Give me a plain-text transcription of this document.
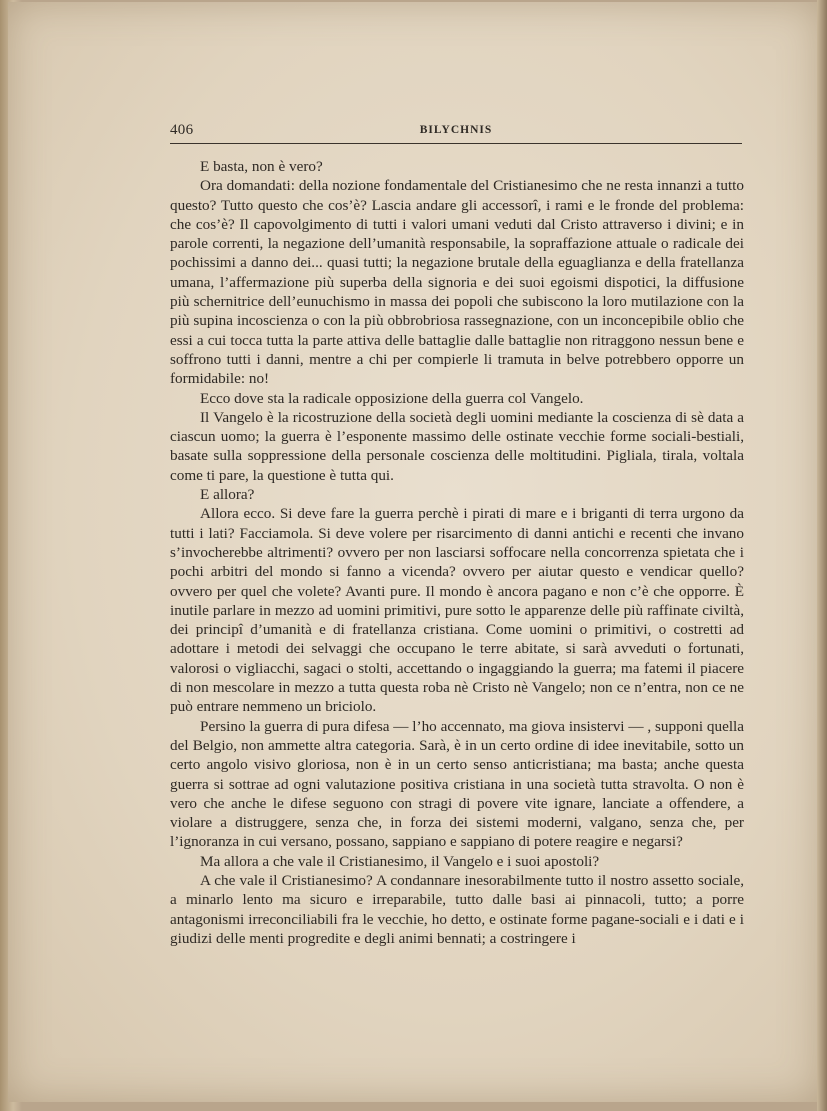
406	BILYCHNIS

E basta, non è vero?

Ora domandati: della nozione fondamentale del Cristianesimo che ne resta innanzi a tutto questo? Tutto questo che cos’è? Lascia andare gli accessorî, i rami e le fronde del problema: che cos’è? Il capovolgimento di tutti i valori umani veduti dal Cristo attraverso i divini; e in parole correnti, la negazione dell’umanità responsabile, la sopraffazione attuale o radicale dei pochissimi a danno dei... quasi tutti; la negazione brutale della eguaglianza e della fratellanza umana, l’affermazione più superba della signoria e dei suoi egoismi dispotici, la diffusione più schernitrice dell’eunuchismo in massa dei popoli che subiscono la loro mutilazione con la più supina incoscienza o con la più obbrobriosa rassegnazione, con un inconcepibile oblio che essi a cui tocca tutta la parte attiva delle battaglie dalle battaglie non ritraggono nessun bene e soffrono tutti i danni, mentre a chi per compierle li tramuta in belve potrebbero opporre un formidabile: no!

Ecco dove sta la radicale opposizione della guerra col Vangelo.

Il Vangelo è la ricostruzione della società degli uomini mediante la coscienza di sè data a ciascun uomo; la guerra è l’esponente massimo delle ostinate vecchie forme sociali-bestiali, basate sulla soppressione della personale coscienza delle moltitudini. Pigliala, tirala, voltala come ti pare, la questione è tutta qui.

E allora?

Allora ecco. Si deve fare la guerra perchè i pirati di mare e i briganti di terra urgono da tutti i lati? Facciamola. Si deve volere per risarcimento di danni antichi e recenti che invano s’invocherebbe altrimenti? ovvero per non lasciarsi soffocare nella concorrenza spietata che i pochi arbitri del mondo si fanno a vicenda? ovvero per aiutar questo e vendicar quello? ovvero per quel che volete? Avanti pure. Il mondo è ancora pagano e non c’è che opporre. È inutile parlare in mezzo ad uomini primitivi, pure sotto le apparenze delle più raffinate civiltà, dei principî d’umanità e di fratellanza cristiana. Come uomini o primitivi, o costretti ad adottare i metodi dei selvaggi che occupano le terre abitate, si sarà avveduti o fortunati, valorosi o vigliacchi, sagaci o stolti, accettando o ingaggiando la guerra; ma fatemi il piacere di non mescolare in mezzo a tutta questa roba nè Cristo nè Vangelo; non ce n’entra, non ce ne può entrare nemmeno un briciolo.

Persino la guerra di pura difesa — l’ho accennato, ma giova insistervi — , supponi quella del Belgio, non ammette altra categoria. Sarà, è in un certo ordine di idee inevitabile, sotto un certo angolo visivo gloriosa, non è in un certo senso anticristiana; ma basta; anche questa guerra si sottrae ad ogni valutazione positiva cristiana in una società tutta stravolta. O non è vero che anche le difese seguono con stragi di povere vite ignare, lanciate a offendere, a violare a distruggere, senza che, in forza dei sistemi moderni, valgano, senza che, per l’ignoranza in cui versano, possano, sappiano e sappiano di potere reagire e negarsi?

Ma allora a che vale il Cristianesimo, il Vangelo e i suoi apostoli?

A che vale il Cristianesimo? A condannare inesorabilmente tutto il nostro assetto sociale, a minarlo lento ma sicuro e irreparabile, tutto dalle basi ai pinnacoli, tutto; a porre antagonismi irreconciliabili fra le vecchie, ho detto, e ostinate forme pagane-sociali e i dati e i giudizi delle menti progredite e degli animi bennati; a costringere i
